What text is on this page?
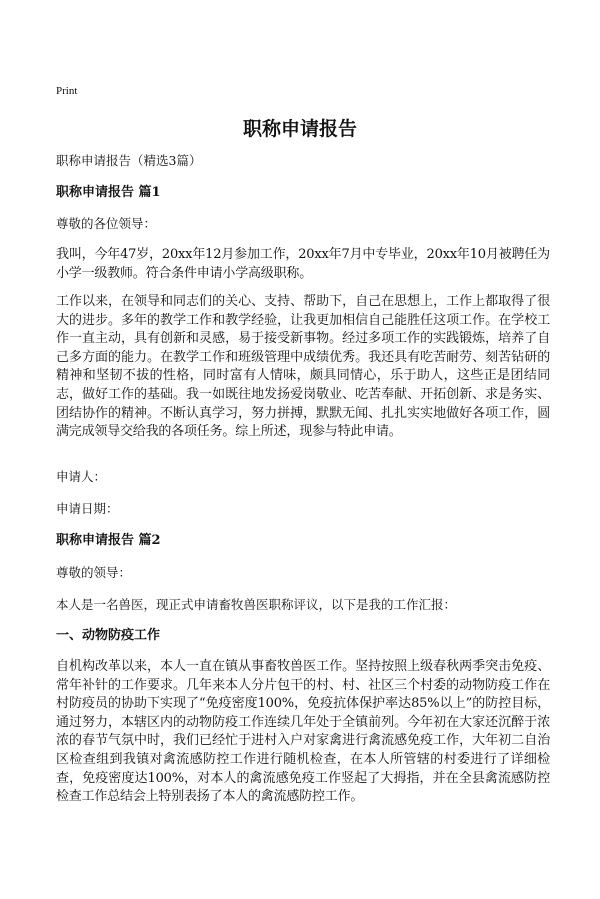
Print
职称申请报告
职称申请报告（精选3篇）
职称申请报告 篇1
尊敬的各位领导：
我叫，今年47岁，20xx年12月参加工作，20xx年7月中专毕业，20xx年10月被聘任为小学一级教师。符合条件申请小学高级职称。
工作以来，在领导和同志们的关心、支持、帮助下，自己在思想上，工作上都取得了很大的进步。多年的教学工作和教学经验，让我更加相信自己能胜任这项工作。在学校工作一直主动，具有创新和灵感，易于接受新事物。经过多项工作的实践锻炼，培养了自己多方面的能力。在教学工作和班级管理中成绩优秀。我还具有吃苦耐劳、刻苦钻研的精神和坚韧不拔的性格，同时富有人情味，颇具同情心，乐于助人，这些正是团结同志，做好工作的基础。我一如既往地发扬爱岗敬业、吃苦奉献、开拓创新、求是务实、团结协作的精神。不断认真学习，努力拼搏，默默无闻、扎扎实实地做好各项工作，圆满完成领导交给我的各项任务。综上所述，现参与特此申请。
申请人：
申请日期：
职称申请报告 篇2
尊敬的领导：
本人是一名兽医，现正式申请畜牧兽医职称评议，以下是我的工作汇报：
一、动物防疫工作
自机构改革以来，本人一直在镇从事畜牧兽医工作。坚持按照上级春秋两季突击免疫、常年补针的工作要求。几年来本人分片包干的村、村、社区三个村委的动物防疫工作在村防疫员的协助下实现了“免疫密度100%，免疫抗体保护率达85%以上”的防控目标，通过努力，本辖区内的动物防疫工作连续几年处于全镇前列。今年初在大家还沉醉于浓浓的春节气氛中时，我们已经忙于进村入户对家禽进行禽流感免疫工作，大年初二自治区检查组到我镇对禽流感防控工作进行随机检查，在本人所管辖的村委进行了详细检查，免疫密度达100%，对本人的禽流感免疫工作竖起了大拇指，并在全县禽流感防控检查工作总结会上特别表扬了本人的禽流感防控工作。
